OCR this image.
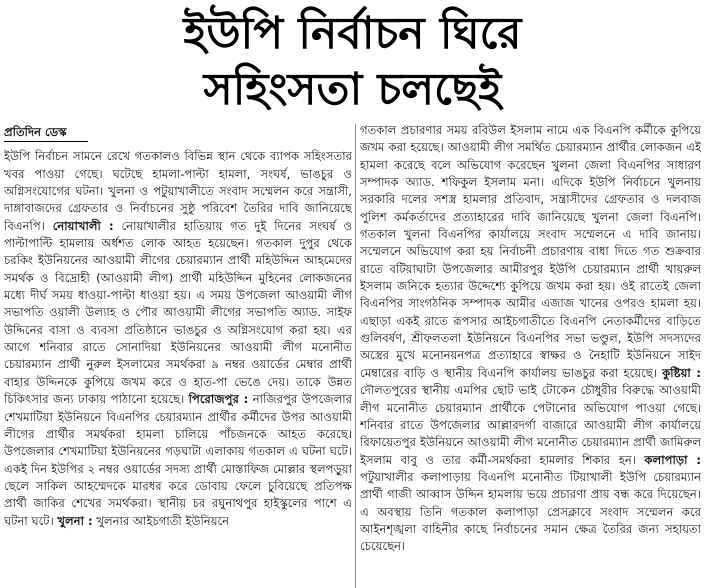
ইউপি নির্বাচন ঘিরে
সহিংসতা চলছেই
প্রতিদিন ডেস্ক

ইউপি নির্বাচন সামনে রেখে গতকালও বিভিন্ন স্থান থেকে ব্যাপক সহিংসতার খবর পাওয়া গেছে। ঘটেছে হামলা-পাল্টা হামলা, সংঘর্ষ, ভাঙচুর ও অগ্নিসংযোগের ঘটনা। খুলনা ও পটুয়াখালীতে সংবাদ সম্মেলন করে সন্ত্রাসী, দাঙ্গাবাজদের গ্রেফতার ও নির্বাচনের সুষ্ঠু পরিবেশ তৈরির দাবি জানিয়েছে বিএনপি। নোয়াখালী : নোয়াখালীর হাতিয়ায় গত দুই দিনের সংঘর্ষ ও পাল্টাপাল্টি হামলায় অর্ধশত লোক আহত হয়েছেন। গতকাল দুপুর থেকে চরকিং ইউনিয়নের আওয়ামী লীগের চেয়ারম্যান প্রার্থী মহিউদ্দিন আহমেদের সমর্থক ও বিদ্রোহী (আওয়ামী লীগ) প্রার্থী মহিউদ্দিন মুহিনের লোকজনের মধ্যে দীর্ঘ সময় ধাওয়া-পাল্টা ধাওয়া হয়। এ সময় উপজেলা আওয়ামী লীগ সভাপতি ওয়ালী উল্যাহ ও পৌর আওয়ামী লীগের সভাপতি অ্যাড. সাইফ উদ্দিনের বাসা ও ব্যবসা প্রতিষ্ঠানে ভাঙচুর ও অগ্নিসংযোগ করা হয়। এর আগে শনিবার রাতে সোনাদিয়া ইউনিয়নের আওয়ামী লীগ মনোনীত চেয়ারম্যান প্রার্থী নুরুল ইসলামের সমর্থকরা ৯ নম্বর ওয়ার্ডের মেম্বার প্রার্থী বাহার উদ্দিনকে কুপিয়ে জখম করে ও হাত-পা ভেঙে দেয়। তাকে উন্নত চিকিৎসার জন্য ঢাকায় পাঠানো হয়েছে। পিরোজপুর : নাজিরপুর উপজেলার শেখমাটিয়া ইউনিয়নে বিএনপির চেয়ারম্যান প্রার্থীর কর্মীদের উপর আওয়ামী লীগের প্রার্থীর সমর্থকরা হামলা চালিয়ে পাঁচজনকে আহত করেছে। উপজেলার শেখমাটিয়া ইউনিয়নের গড়ঘাটা এলাকায় গতকাল এ ঘটনা ঘটে। একই দিন ইউপির ২ নম্বর ওয়ার্ডের সদস্য প্রার্থী মোস্তাফিজ মোল্লার স্থলপড়ুয়া ছেলে সাকিল আহম্মেদকে মারধর করে ডোবায় ফেলে চুবিয়েছে প্রতিপক্ষ প্রার্থী জাকির শেখের সমর্থকরা। স্থানীয় চর রঘুনাথপুর হাইস্কুলের পাশে এ ঘটনা ঘটে। খুলনা : খুলনার আইচগাতী ইউনিয়নে

গতকাল প্রচারণার সময় রবিউল ইসলাম নামে এক বিএনপি কর্মীকে কুপিয়ে জখম করা হয়েছে। আওয়ামী লীগ সমর্থিত চেয়ারম্যান প্রার্থীর লোকজন এই হামলা করেছে বলে অভিযোগ করেছেন খুলনা জেলা বিএনপির সাধারণ সম্পাদক অ্যাড. শফিকুল ইসলাম মনা। এদিকে ইউপি নির্বাচনে খুলনায় সরকারি দলের সশস্ত্র হামলার প্রতিবাদ, সন্ত্রাসীদের গ্রেফতার ও দলবাজ পুলিশ কর্মকর্তাদের প্রত্যাহারের দাবি জানিয়েছে খুলনা জেলা বিএনপি। গতকাল খুলনা বিএনপির কার্যালয়ে সংবাদ সম্মেলনে এ দাবি জানায়। সম্মেলনে অভিযোগ করা হয় নির্বাচনী প্রচারণায় বাধা দিতে গত শুক্রবার রাতে বটিয়াঘাটা উপজেলার আমীরপুর ইউপি চেয়ারম্যান প্রার্থী খায়রুল ইসলাম জনিকে হত্যার উদ্দেশ্যে কুপিয়ে জখম করা হয়। ওই রাতেই জেলা বিএনপির সাংগঠনিক সম্পাদক আমীর এজাজ খানের ওপরও হামলা হয়। এছাড়া একই রাতে রূপসার আইচগাতীতে বিএনপি নেতাকর্মীদের বাড়িতে গুলিবর্ষণ, শ্রীফলতলা ইউনিয়নে বিএনপির সভা ভণ্ডুল, ইউপি সদস্যদের অস্ত্রের মুখে মনোনয়নপত্র প্রত্যাহারে স্বাক্ষর ও নৈহাটি ইউনিয়নে সাইদ মেম্বারের বাড়ি ও স্থানীয় বিএনপি কার্যালয় ভাঙচুর করা হয়েছে। কুষ্টিয়া : দৌলতপুরের স্থানীয় এমপির ছোট ভাই টোকেন চৌধুরীর বিরুদ্ধে আওয়ামী লীগ মনোনীত চেয়ারম্যান প্রার্থীকে পেটানোর অভিযোগ পাওয়া গেছে। শনিবার রাতে উপজেলার আল্লারদর্গা বাজারে আওয়ামী লীগ কার্যালয়ে রিফায়েতপুর ইউনিয়নে আওয়ামী লীগ মনোনীত চেয়ারম্যান প্রার্থী জামিরুল ইসলাম বাবু ও তার কর্মী-সমর্থকরা হামলার শিকার হন। কলাপাড়া : পটুয়াখালীর কলাপাড়ায় বিএনপি মনোনীত টিয়াখালী ইউপি চেয়ারম্যান প্রার্থী গাজী আব্বাস উদ্দিন হামলায় ভয়ে প্রচারণা প্রায় বন্ধ করে দিয়েছেন। এ অবস্থায় তিনি গতকাল কলাপাড়া প্রেসক্লাবে সংবাদ সম্মেলন করে আইনশৃঙ্খলা বাহিনীর কাছে নির্বাচনের সমান ক্ষেত্র তৈরির জন্য সহায়তা চেয়েছেন।
